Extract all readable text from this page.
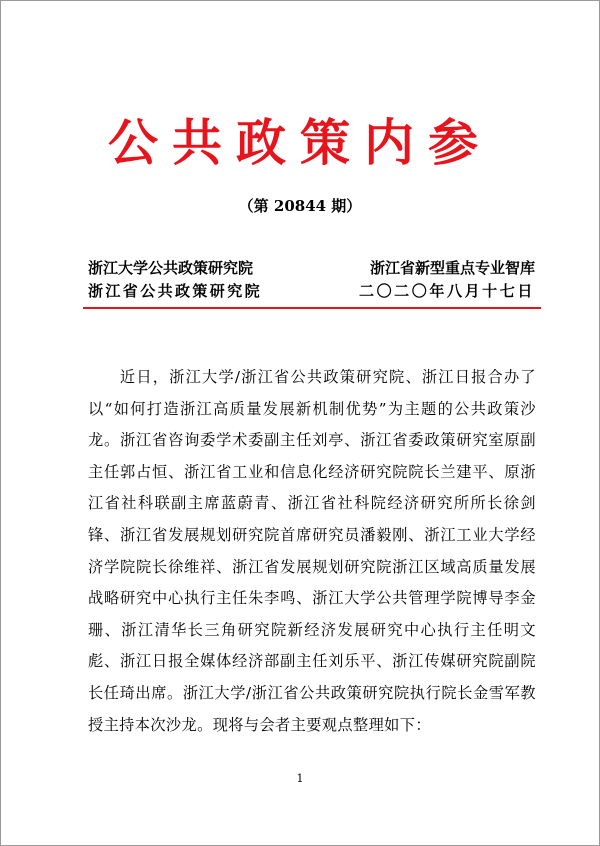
公共政策内参
（第 20844 期）
浙江大学公共政策研究院	浙江省新型重点专业智库
浙江省公共政策研究院	二〇二〇年八月十七日

近日，浙江大学/浙江省公共政策研究院、浙江日报合办了以“如何打造浙江高质量发展新机制优势”为主题的公共政策沙龙。浙江省咨询委学术委副主任刘亭、浙江省委政策研究室原副主任郭占恒、浙江省工业和信息化经济研究院院长兰建平、原浙江省社科联副主席蓝蔚青、浙江省社科院经济研究所所长徐剑锋、浙江省发展规划研究院首席研究员潘毅刚、浙江工业大学经济学院院长徐维祥、浙江省发展规划研究院浙江区域高质量发展战略研究中心执行主任朱李鸣、浙江大学公共管理学院博导李金珊、浙江清华长三角研究院新经济发展研究中心执行主任明文彪、浙江日报全媒体经济部副主任刘乐平、浙江传媒研究院副院长任琦出席。浙江大学/浙江省公共政策研究院执行院长金雪军教授主持本次沙龙。现将与会者主要观点整理如下：

1
